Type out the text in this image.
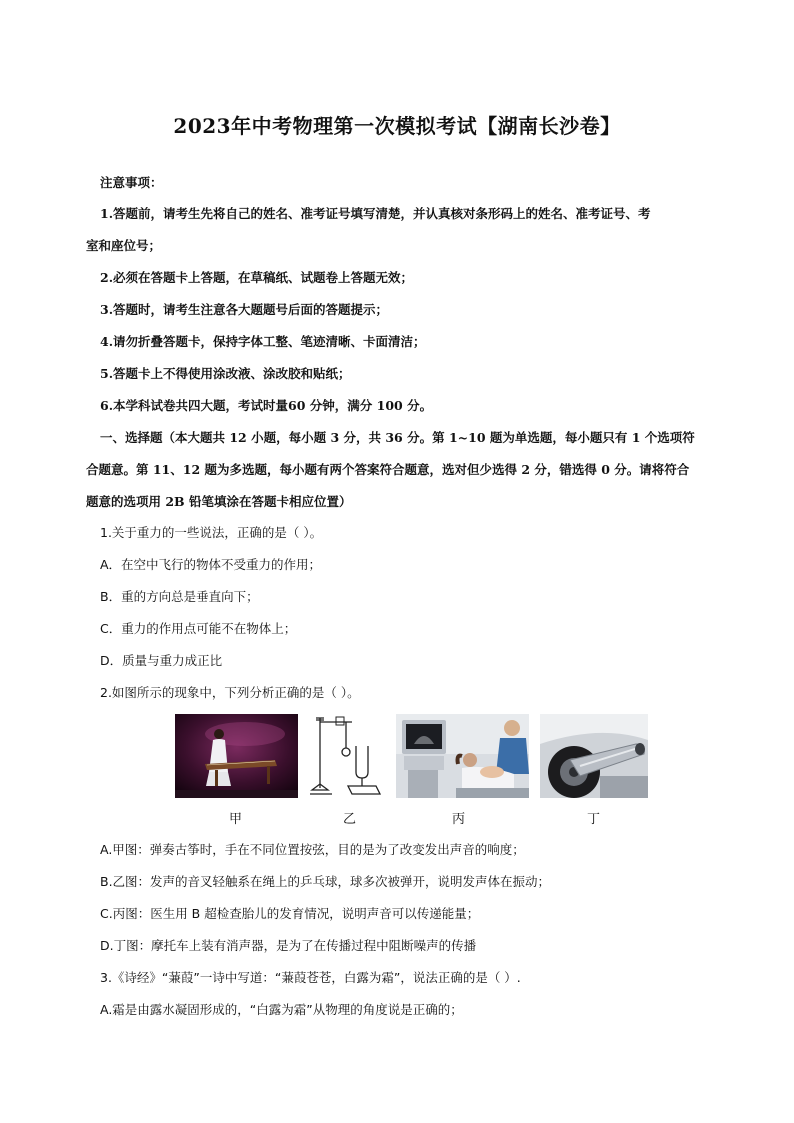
2023年中考物理第一次模拟考试【湖南长沙卷】
注意事项：
1.答题前，请考生先将自己的姓名、准考证号填写清楚，并认真核对条形码上的姓名、准考证号、考
室和座位号；
2.必须在答题卡上答题，在草稿纸、试题卷上答题无效；
3.答题时，请考生注意各大题题号后面的答题提示；
4.请勿折叠答题卡，保持字体工整、笔迹清晰、卡面清洁；
5.答题卡上不得使用涂改液、涂改胶和贴纸；
6.本学科试卷共四大题，考试时量60 分钟，满分 100 分。
一、选择题（本大题共 12 小题，每小题 3 分，共 36 分。第 1~10 题为单选题，每小题只有 1 个选项符
合题意。第 11、12 题为多选题，每小题有两个答案符合题意，选对但少选得 2 分，错选得 0 分。请将符合
题意的选项用 2B 铅笔填涂在答题卡相应位置）
1.关于重力的一些说法，正确的是（ ）。
A．在空中飞行的物体不受重力的作用；
B．重的方向总是垂直向下；
C．重力的作用点可能不在物体上；
D．质量与重力成正比
2.如图所示的现象中，下列分析正确的是（ ）。
甲	乙	丙	丁
A.甲图：弹奏古筝时，手在不同位置按弦，目的是为了改变发出声音的响度；
B.乙图：发声的音叉轻触系在绳上的乒乓球，球多次被弹开，说明发声体在振动；
C.丙图：医生用 B 超检查胎儿的发育情况，说明声音可以传递能量；
D.丁图：摩托车上装有消声器，是为了在传播过程中阻断噪声的传播
3.《诗经》“蒹葭”一诗中写道：“蒹葭苍苍，白露为霜”，说法正确的是（ ）.
A.霜是由露水凝固形成的，“白露为霜”从物理的角度说是正确的；
